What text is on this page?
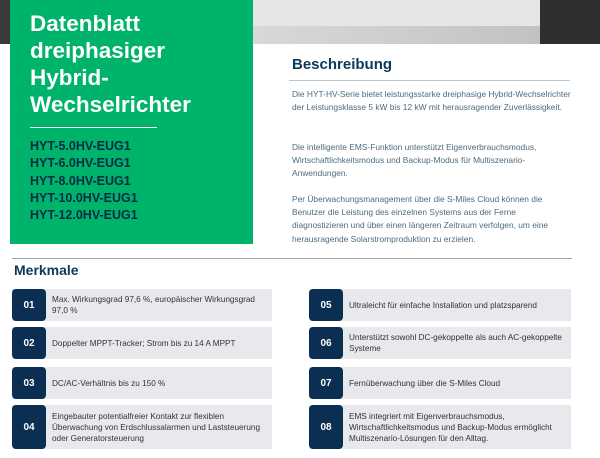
Datenblatt dreiphasiger Hybrid-Wechselrichter
HYT-5.0HV-EUG1
HYT-6.0HV-EUG1
HYT-8.0HV-EUG1
HYT-10.0HV-EUG1
HYT-12.0HV-EUG1
Beschreibung

Die HYT-HV-Serie bietet leistungsstarke dreiphasige Hybrid-Wechselrichter der Leistungsklasse 5 kW bis 12 kW mit herausragender Zuverlässigkeit.

Die intelligente EMS-Funktion unterstützt Eigenverbrauchsmodus, Wirtschaftlichkeitsmodus und Backup-Modus für Multiszenario-Anwendungen.

Per Überwachungsmanagement über die S-Miles Cloud können die Benutzer die Leistung des einzelnen Systems aus der Ferne diagnostizieren und über einen längeren Zeitraum verfolgen, um eine herausragende Solarstromproduktion zu erzielen.

Merkmale
01	Max. Wirkungsgrad 97,6 %, europäischer Wirkungsgrad 97,0 %
02	Doppelter MPPT-Tracker; Strom bis zu 14 A MPPT
03	DC/AC-Verhältnis bis zu 150 %
04
Eingebauter potentialfreier Kontakt zur flexiblen Überwachung von Erdschlussalarmen und Laststeuerung oder Generatorsteuerung
05	Ultraleicht für einfache Installation und platzsparend
06	Unterstützt sowohl DC-gekoppelte als auch AC-gekoppelte Systeme
07	Fernüberwachung über die S-Miles Cloud
08
EMS integriert mit Eigenverbrauchsmodus, Wirtschaftlichkeitsmodus und Backup-Modus ermöglicht Multiszenario-Lösungen für den Alltag.
